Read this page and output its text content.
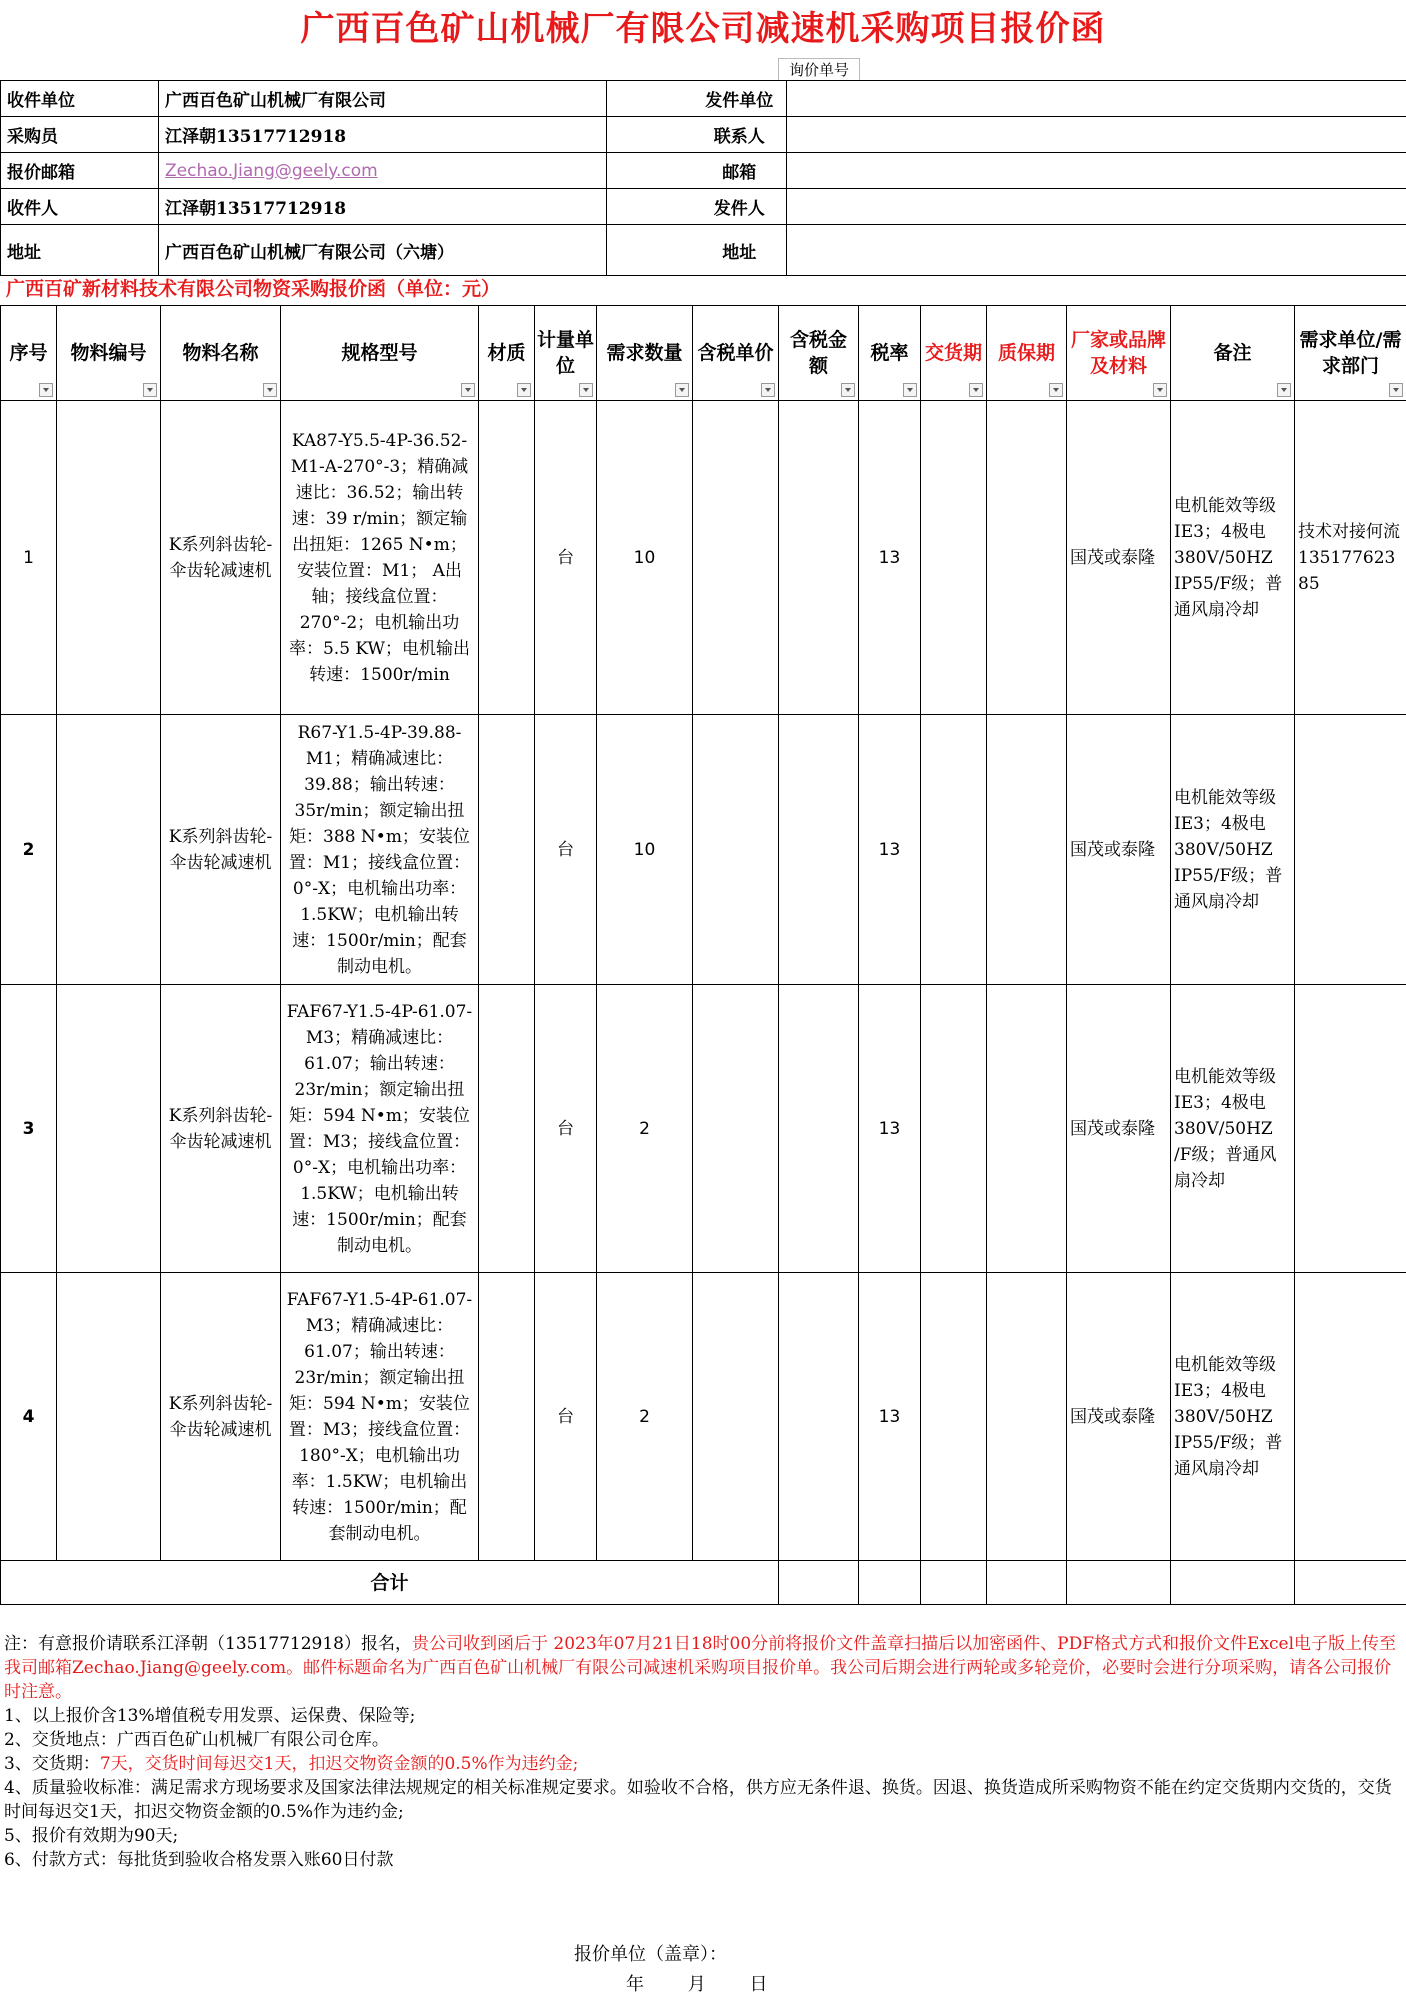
广西百色矿山机械厂有限公司减速机采购项目报价函
询价单号
收件单位	广西百色矿山机械厂有限公司		发件单位	
采购员	江泽朝13517712918		联系人	
报价邮箱	Zechao.Jiang@geely.com		邮箱	
收件人	江泽朝13517712918		发件人	
地址	广西百色矿山机械厂有限公司（六塘）		地址	
广西百矿新材料技术有限公司物资采购报价函（单位：元）
序号	物料编号	物料名称	规格型号	材质	计量单位	需求数量	含税单价	含税金额	税率	交货期	质保期	厂家或品牌及材料	备注	需求单位/需求部门

1		K系列斜齿轮-伞齿轮减速机	KA87-Y5.5-4P-36.52-M1-A-270°-3；精确减速比：36.52；输出转速：39 r/min；额定输出扭矩：1265 N•m；安装位置：M1； A出轴；接线盒位置：270°-2；电机输出功率：5.5 KW；电机输出转速：1500r/min		台	10			13			国茂或泰隆	电机能效等级IE3；4极电380V/50HZ IP55/F级；普通风扇冷却	技术对接何流13517762385
2		K系列斜齿轮-伞齿轮减速机	R67-Y1.5-4P-39.88-M1；精确减速比：39.88；输出转速：35r/min；额定输出扭矩：388 N•m；安装位置：M1；接线盒位置：0°-X；电机输出功率：1.5KW；电机输出转速：1500r/min；配套制动电机。		台	10			13			国茂或泰隆	电机能效等级IE3；4极电380V/50HZ IP55/F级；普通风扇冷却	
3		K系列斜齿轮-伞齿轮减速机	FAF67-Y1.5-4P-61.07-M3；精确减速比：61.07；输出转速：23r/min；额定输出扭矩：594 N•m；安装位置：M3；接线盒位置： 0°-X；电机输出功率：1.5KW；电机输出转速：1500r/min；配套制动电机。		台	2			13			国茂或泰隆	电机能效等级IE3；4极电380V/50HZ /F级；普通风扇冷却	
4		K系列斜齿轮-伞齿轮减速机	FAF67-Y1.5-4P-61.07-M3；精确减速比：61.07；输出转速：23r/min；额定输出扭矩：594 N•m；安装位置：M3；接线盒位置： 180°-X；电机输出功率：1.5KW；电机输出转速：1500r/min；配套制动电机。		台	2			13			国茂或泰隆	电机能效等级IE3；4极电380V/50HZ IP55/F级；普通风扇冷却	
合计														

注：有意报价请联系江泽朝（13517712918）报名，贵公司收到函后于 2023年07月21日18时00分前将报价文件盖章扫描后以加密函件、PDF格式方式和报价文件Excel电子版上传至我司邮箱Zechao.Jiang@geely.com。邮件标题命名为广西百色矿山机械厂有限公司减速机采购项目报价单。我公司后期会进行两轮或多轮竞价，必要时会进行分项采购，请各公司报价时注意。

1、以上报价含13%增值税专用发票、运保费、保险等;

2、交货地点：广西百色矿山机械厂有限公司仓库。

3、交货期：7天，交货时间每迟交1天，扣迟交物资金额的0.5%作为违约金;

4、质量验收标准：满足需求方现场要求及国家法律法规规定的相关标准规定要求。如验收不合格，供方应无条件退、换货。因退、换货造成所采购物资不能在约定交货期内交货的，交货时间每迟交1天，扣迟交物资金额的0.5%作为违约金;

5、报价有效期为90天;

6、付款方式：每批货到验收合格发票入账60日付款

报价单位（盖章）：
年 月 日
